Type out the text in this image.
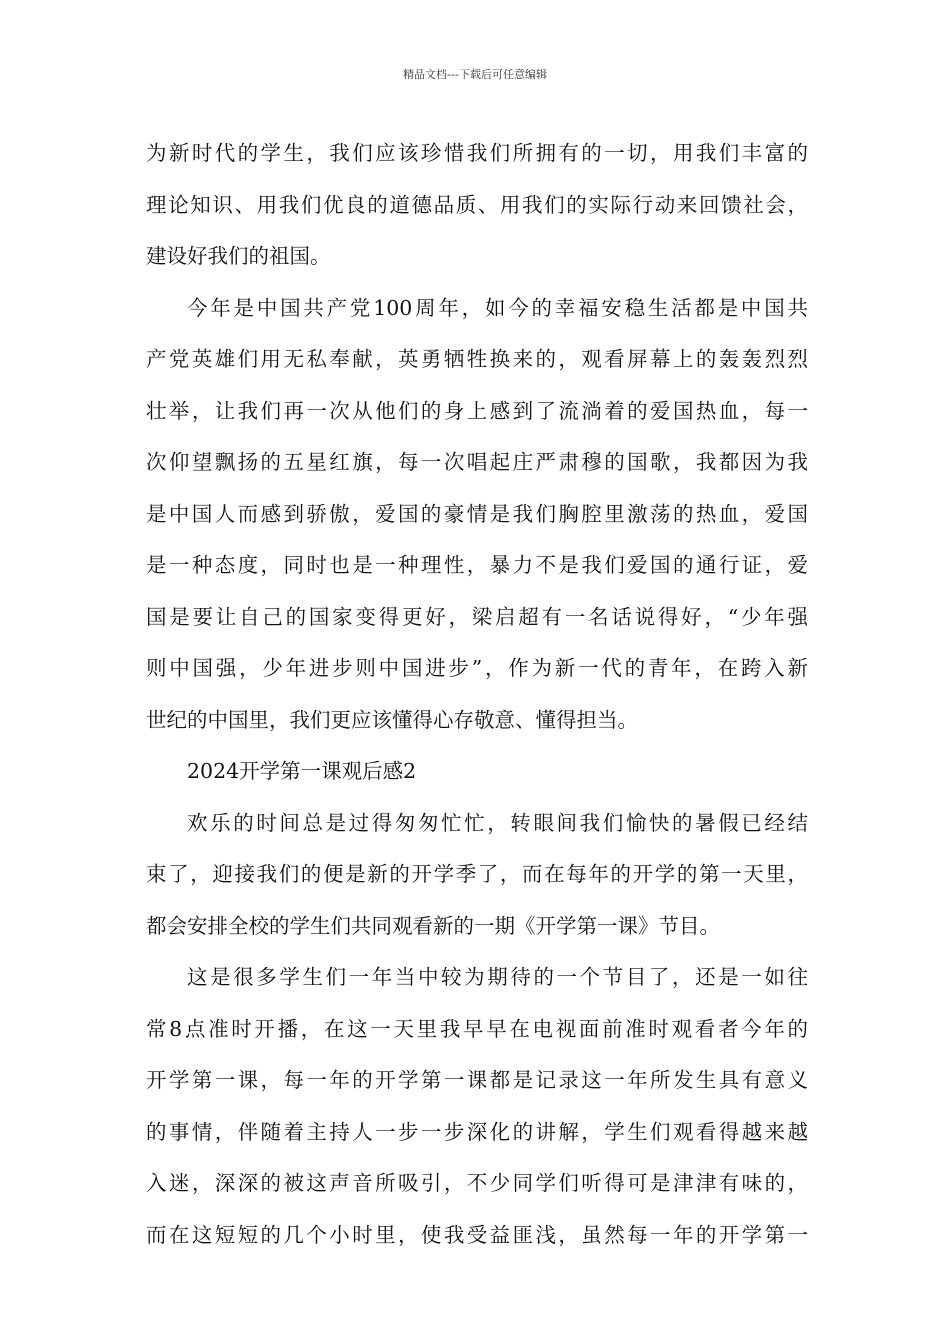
精品文档---下载后可任意编辑
为新时代的学生，我们应该珍惜我们所拥有的一切，用我们丰富的
理论知识、用我们优良的道德品质、用我们的实际行动来回馈社会，
建设好我们的祖国。
今年是中国共产党100周年，如今的幸福安稳生活都是中国共
产党英雄们用无私奉献，英勇牺牲换来的，观看屏幕上的轰轰烈烈
壮举，让我们再一次从他们的身上感到了流淌着的爱国热血，每一
次仰望飘扬的五星红旗，每一次唱起庄严肃穆的国歌，我都因为我
是中国人而感到骄傲，爱国的豪情是我们胸腔里激荡的热血，爱国
是一种态度，同时也是一种理性，暴力不是我们爱国的通行证，爱
国是要让自己的国家变得更好，梁启超有一名话说得好，“少年强
则中国强，少年进步则中国进步”，作为新一代的青年，在跨入新
世纪的中国里，我们更应该懂得心存敬意、懂得担当。
2024开学第一课观后感2
欢乐的时间总是过得匆匆忙忙，转眼间我们愉快的暑假已经结
束了，迎接我们的便是新的开学季了，而在每年的开学的第一天里，
都会安排全校的学生们共同观看新的一期《开学第一课》节目。
这是很多学生们一年当中较为期待的一个节目了，还是一如往
常8点准时开播，在这一天里我早早在电视面前准时观看者今年的
开学第一课，每一年的开学第一课都是记录这一年所发生具有意义
的事情，伴随着主持人一步一步深化的讲解，学生们观看得越来越
入迷，深深的被这声音所吸引，不少同学们听得可是津津有味的，
而在这短短的几个小时里，使我受益匪浅，虽然每一年的开学第一
